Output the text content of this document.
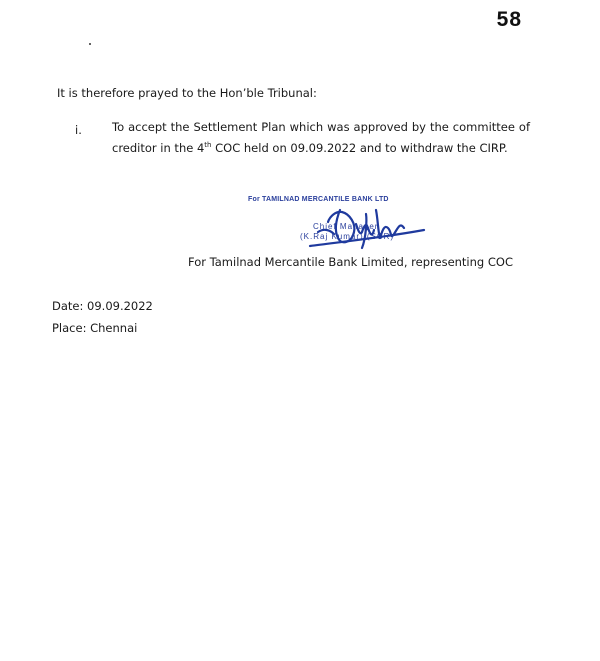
58
It is therefore prayed to the Hon’ble Tribunal:
i.	To accept the Settlement Plan which was approved by the committee of creditor in the 4th COC held on 09.09.2022 and to withdraw the CIRP.
For TAMILNAD MERCANTILE BANK LTD
Chief Manager
(K.Raj Kumar) (SCR)
For Tamilnad Mercantile Bank Limited, representing COC
Date: 09.09.2022
Place: Chennai
